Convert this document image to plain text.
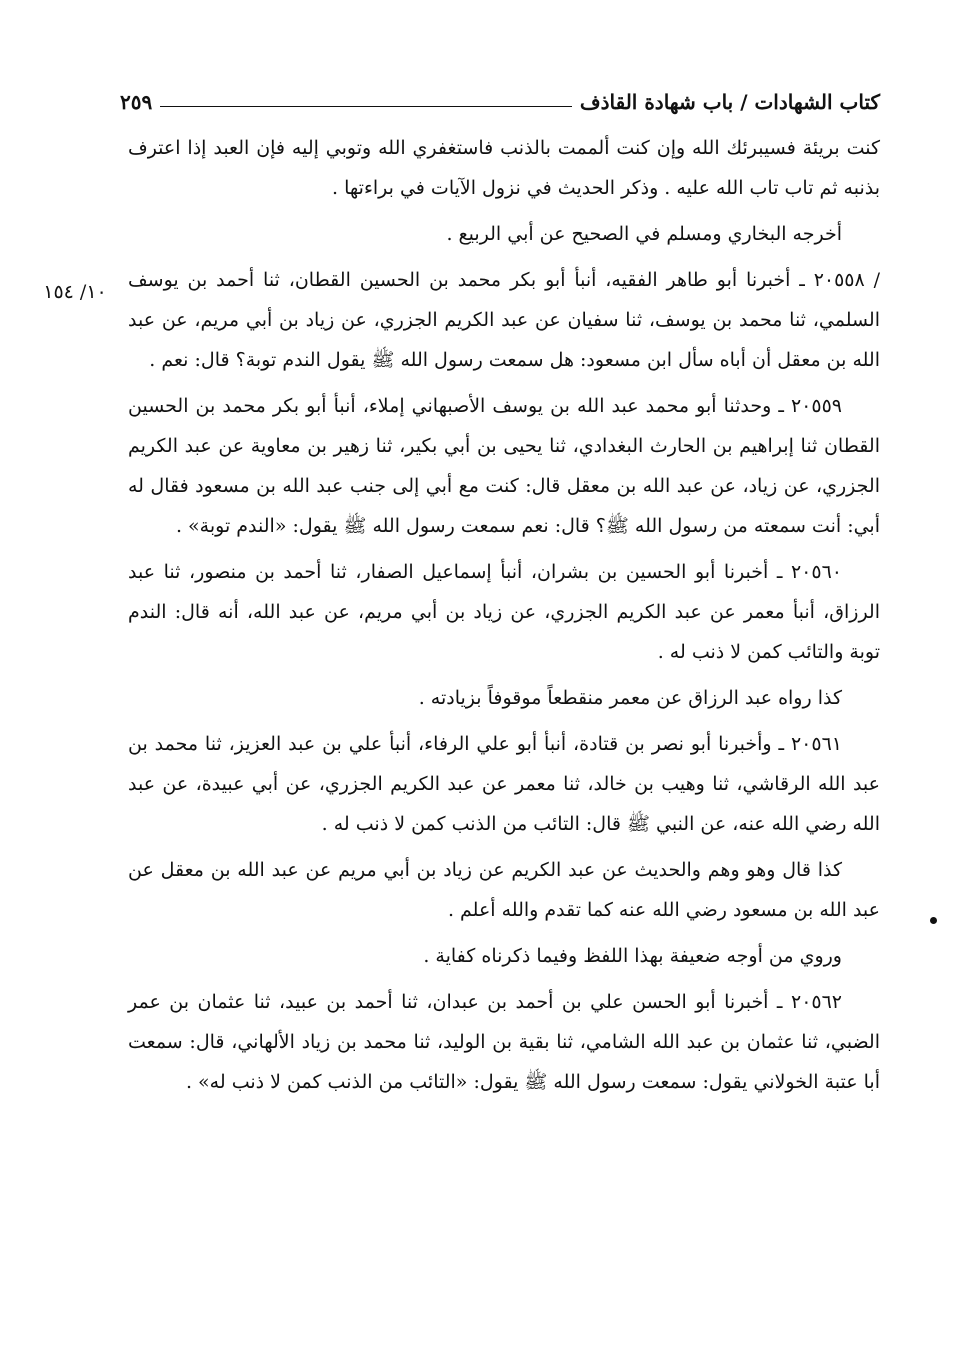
كتاب الشهادات / باب شهادة القاذف
٢٥٩
١٠/ ١٥٤

كنت بريئة فسيبرئك الله وإن كنت ألممت بالذنب فاستغفري الله وتوبي إليه فإن العبد إذا اعترف بذنبه ثم تاب تاب الله عليه . وذكر الحديث في نزول الآيات في براءتها .

أخرجه البخاري ومسلم في الصحيح عن أبي الربيع .

/ ٢٠٥٥٨ ـ أخبرنا أبو طاهر الفقيه، أنبأ أبو بكر محمد بن الحسين القطان، ثنا أحمد بن يوسف السلمي، ثنا محمد بن يوسف، ثنا سفيان عن عبد الكريم الجزري، عن زياد بن أبي مريم، عن عبد الله بن معقل أن أباه سأل ابن مسعود: هل سمعت رسول الله ﷺ يقول الندم توبة؟ قال: نعم .

٢٠٥٥٩ ـ وحدثنا أبو محمد عبد الله بن يوسف الأصبهاني إملاء، أنبأ أبو بكر محمد بن الحسين القطان ثنا إبراهيم بن الحارث البغدادي، ثنا يحيى بن أبي بكير، ثنا زهير بن معاوية عن عبد الكريم الجزري، عن زياد، عن عبد الله بن معقل قال: كنت مع أبي إلى جنب عبد الله بن مسعود فقال له أبي: أنت سمعته من رسول الله ﷺ؟ قال: نعم سمعت رسول الله ﷺ يقول: «الندم توبة» .

٢٠٥٦٠ ـ أخبرنا أبو الحسين بن بشران، أنبأ إسماعيل الصفار، ثنا أحمد بن منصور، ثنا عبد الرزاق، أنبأ معمر عن عبد الكريم الجزري، عن زياد بن أبي مريم، عن عبد الله، أنه قال: الندم توبة والتائب كمن لا ذنب له .

كذا رواه عبد الرزاق عن معمر منقطعاً موقوفاً بزيادته .

٢٠٥٦١ ـ وأخبرنا أبو نصر بن قتادة، أنبأ أبو علي الرفاء، أنبأ علي بن عبد العزيز، ثنا محمد بن عبد الله الرقاشي، ثنا وهيب بن خالد، ثنا معمر عن عبد الكريم الجزري، عن أبي عبيدة، عن عبد الله رضي الله عنه، عن النبي ﷺ قال: التائب من الذنب كمن لا ذنب له .

كذا قال وهو وهم والحديث عن عبد الكريم عن زياد بن أبي مريم عن عبد الله بن معقل عن عبد الله بن مسعود رضي الله عنه كما تقدم والله أعلم .

وروي من أوجه ضعيفة بهذا اللفظ وفيما ذكرناه كفاية .

٢٠٥٦٢ ـ أخبرنا أبو الحسن علي بن أحمد بن عبدان، ثنا أحمد بن عبيد، ثنا عثمان بن عمر الضبي، ثنا عثمان بن عبد الله الشامي، ثنا بقية بن الوليد، ثنا محمد بن زياد الألهاني، قال: سمعت أبا عتبة الخولاني يقول: سمعت رسول الله ﷺ يقول: «التائب من الذنب كمن لا ذنب له» .
